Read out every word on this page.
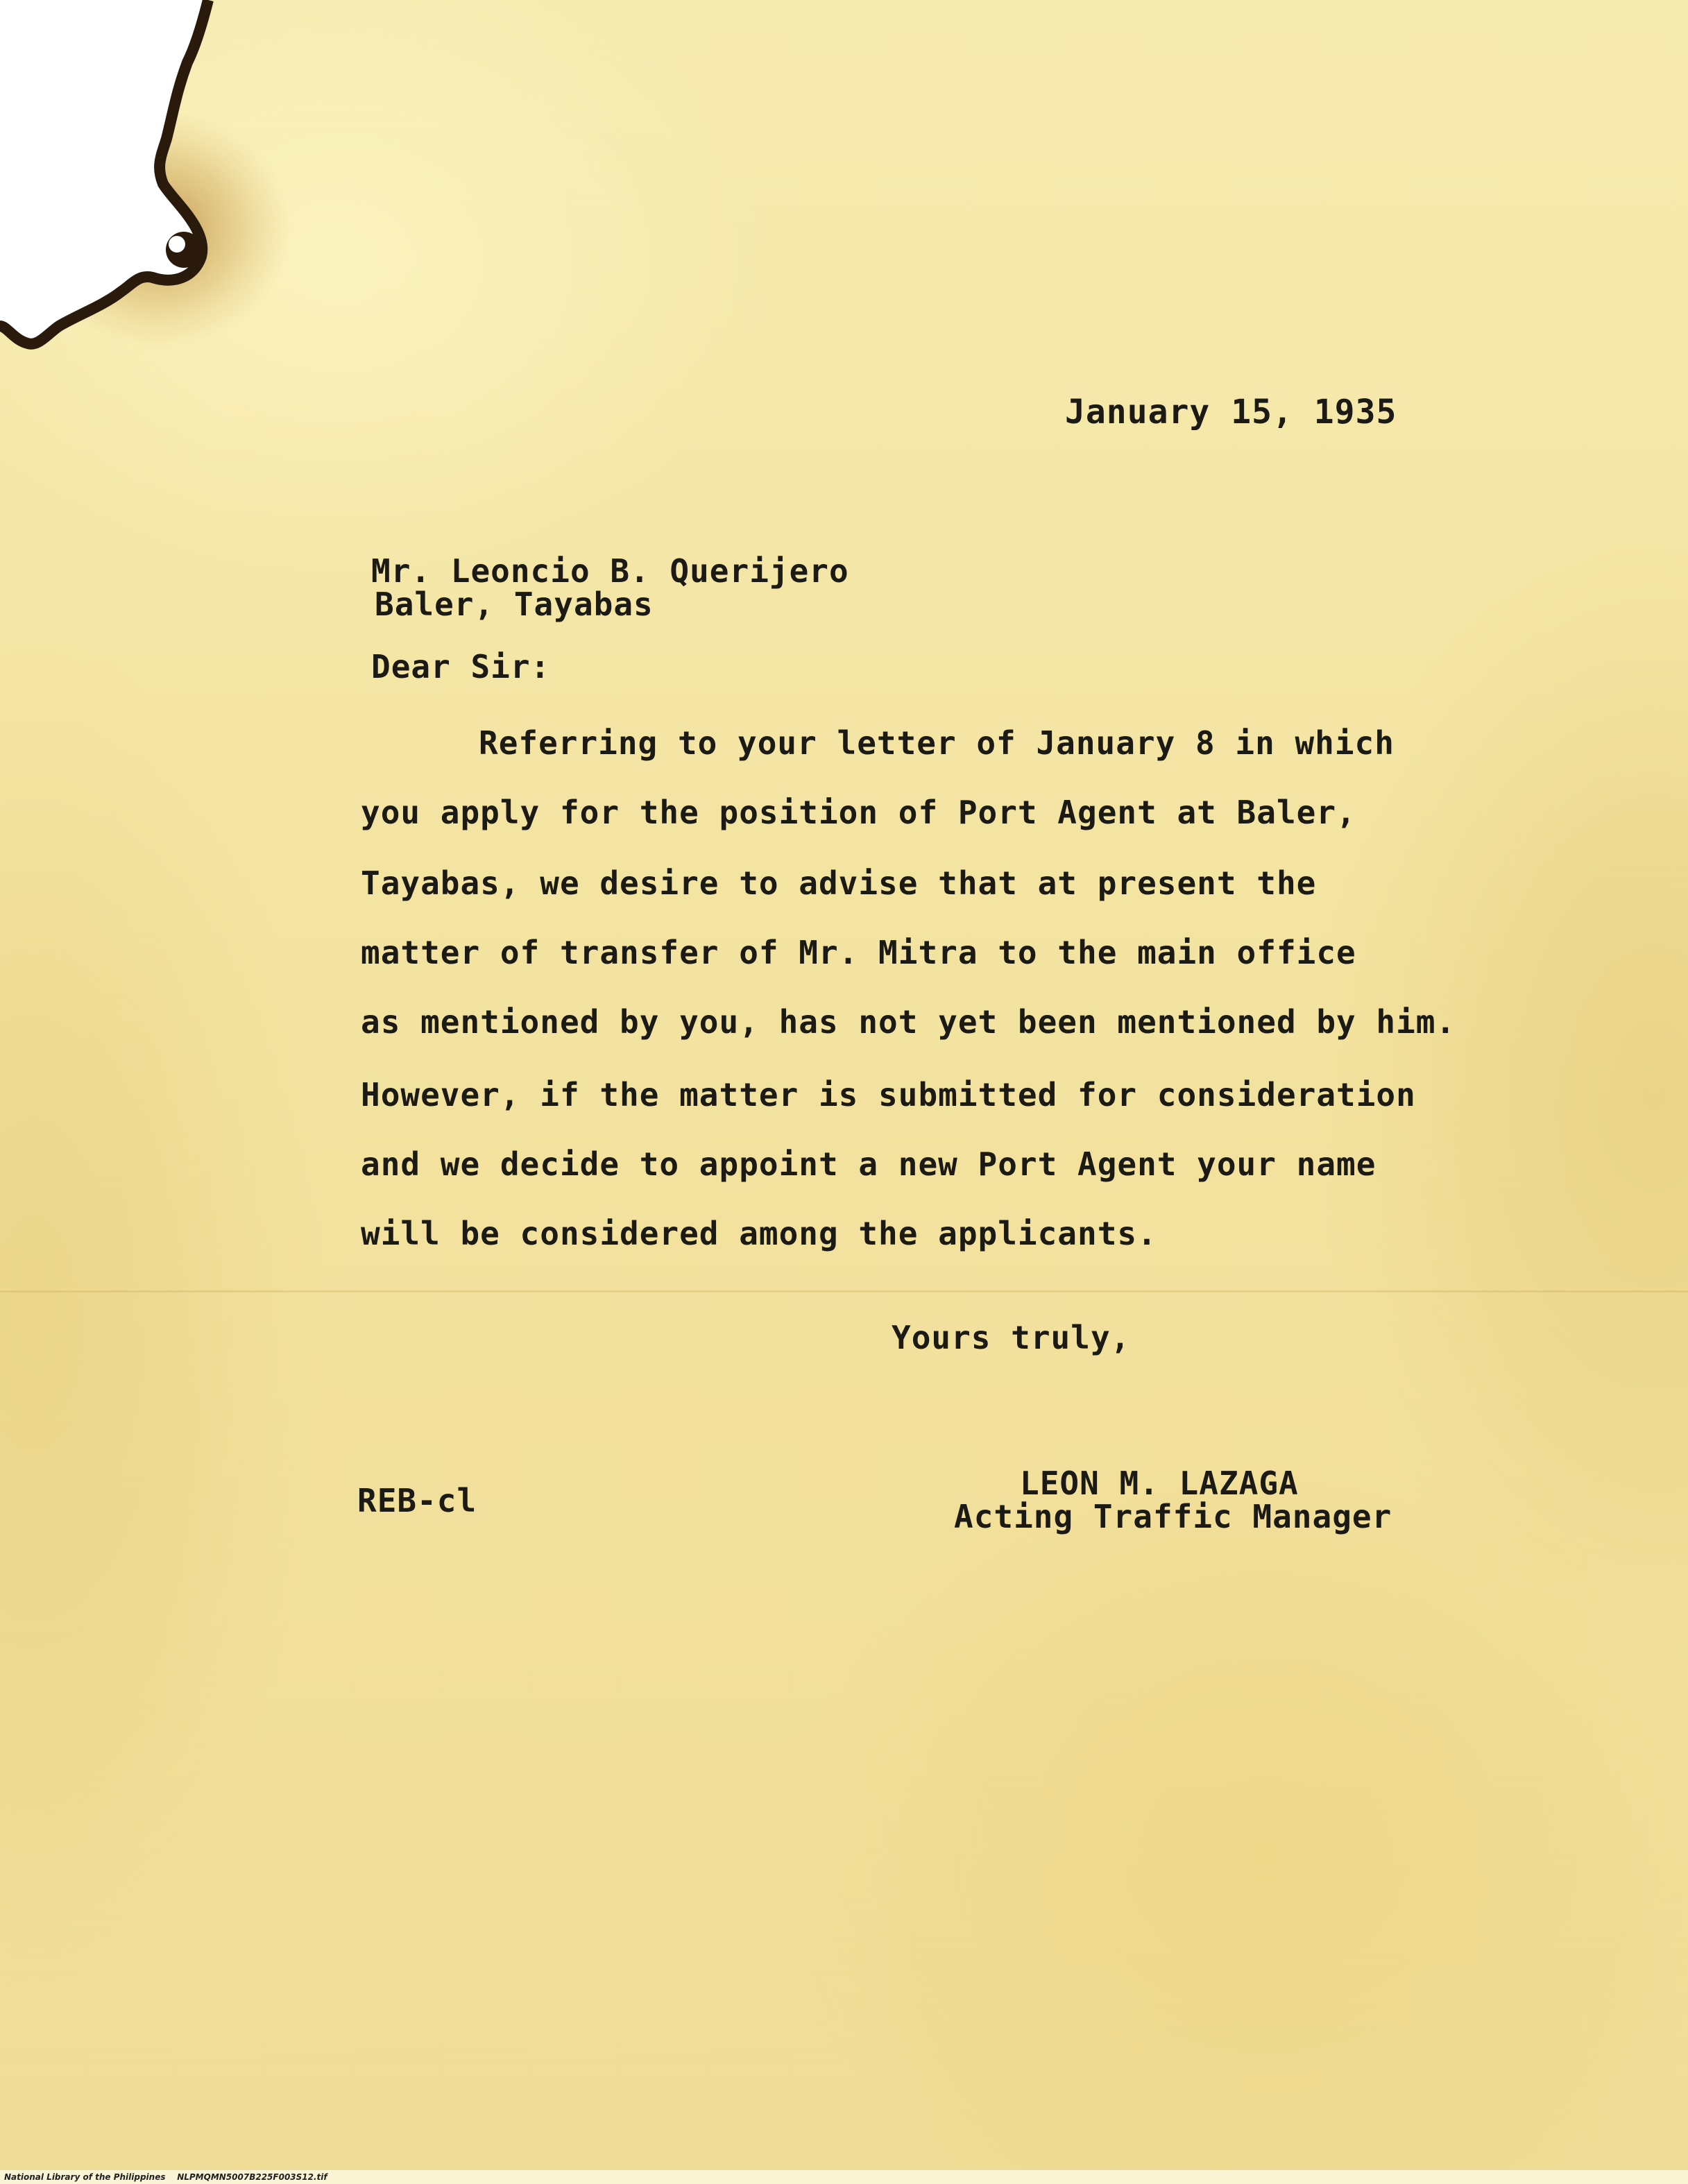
January 15, 1935
Mr. Leoncio B. Querijero
Baler, Tayabas
Dear Sir:
Referring to your letter of January 8 in which
you apply for the position of Port Agent at Baler,
Tayabas, we desire to advise that at present the
matter of transfer of Mr. Mitra to the main office
as mentioned by you, has not yet been mentioned by him.
However, if the matter is submitted for consideration
and we decide to appoint a new Port Agent your name
will be considered among the applicants.
Yours truly,
REB-cl	LEON M. LAZAGA
Acting Traffic Manager
National Library of the Philippines    NLPMQMN5007B225F003S12.tif
